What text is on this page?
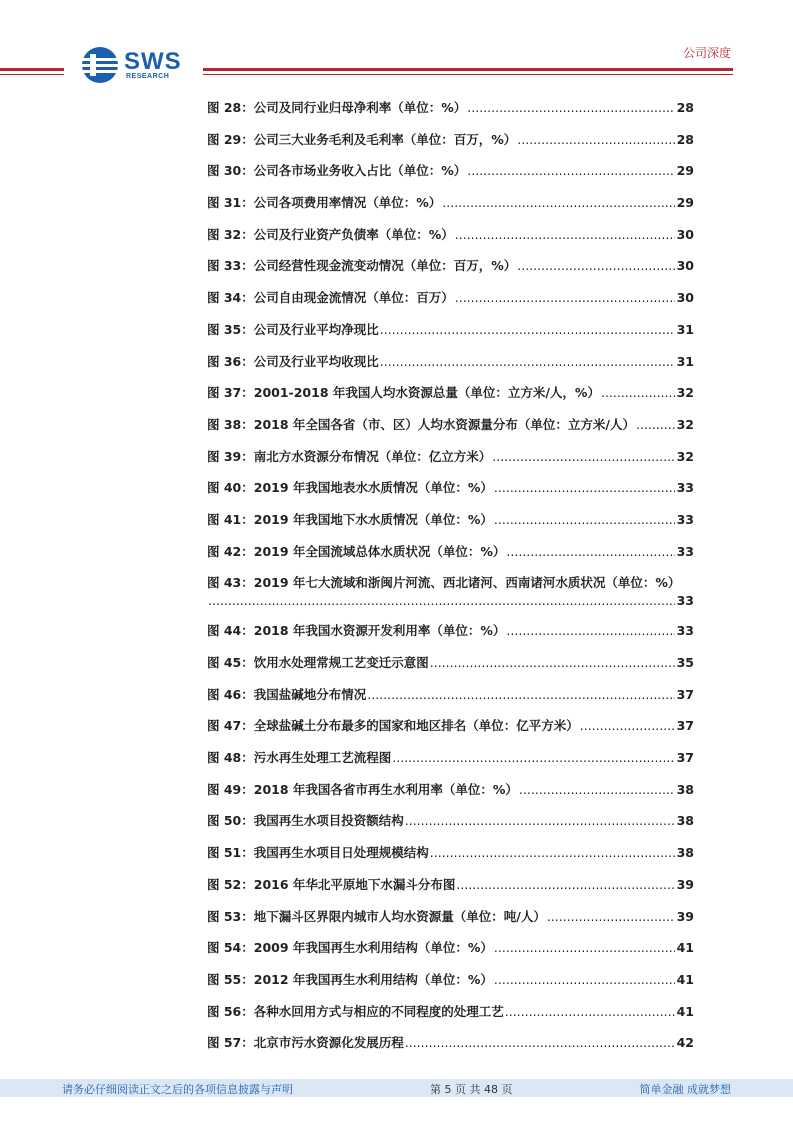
SWS
RESEARCH
公司深度
图 28：公司及同行业归母净利率（单位：%） .....	28
图 29：公司三大业务毛利及毛利率（单位：百万，%） .....	28
图 30：公司各市场业务收入占比（单位：%） .....	29
图 31：公司各项费用率情况（单位：%） .....	29
图 32：公司及行业资产负债率（单位：%） .....	30
图 33：公司经营性现金流变动情况（单位：百万，%） .....	30
图 34：公司自由现金流情况（单位：百万） .....	30
图 35：公司及行业平均净现比 .....	31
图 36：公司及行业平均收现比 .....	31
图 37：2001-2018 年我国人均水资源总量（单位：立方米/人，%） .....	32
图 38：2018 年全国各省（市、区）人均水资源量分布（单位：立方米/人） .....	32
图 39：南北方水资源分布情况（单位：亿立方米） .....	32
图 40：2019 年我国地表水水质情况（单位：%） .....	33
图 41：2019 年我国地下水水质情况（单位：%） .....	33
图 42：2019 年全国流域总体水质状况（单位：%） .....	33
图 43：2019 年七大流域和浙闽片河流、西北诸河、西南诸河水质状况（单位：%）
.....
33
图 44：2018 年我国水资源开发利用率（单位：%） .....	33
图 45：饮用水处理常规工艺变迁示意图 .....	35
图 46：我国盐碱地分布情况 .....	37
图 47：全球盐碱土分布最多的国家和地区排名（单位：亿平方米） .....	37
图 48：污水再生处理工艺流程图 .....	37
图 49：2018 年我国各省市再生水利用率（单位：%） .....	38
图 50：我国再生水项目投资额结构 .....	38
图 51：我国再生水项目日处理规模结构 .....	38
图 52：2016 年华北平原地下水漏斗分布图 .....	39
图 53：地下漏斗区界限内城市人均水资源量（单位：吨/人） .....	39
图 54：2009 年我国再生水利用结构（单位：%） .....	41
图 55：2012 年我国再生水利用结构（单位：%） .....	41
图 56：各种水回用方式与相应的不同程度的处理工艺 .....	41
图 57：北京市污水资源化发展历程 .....	42
请务必仔细阅读正文之后的各项信息披露与声明	第 5 页 共 48 页	简单金融 成就梦想
